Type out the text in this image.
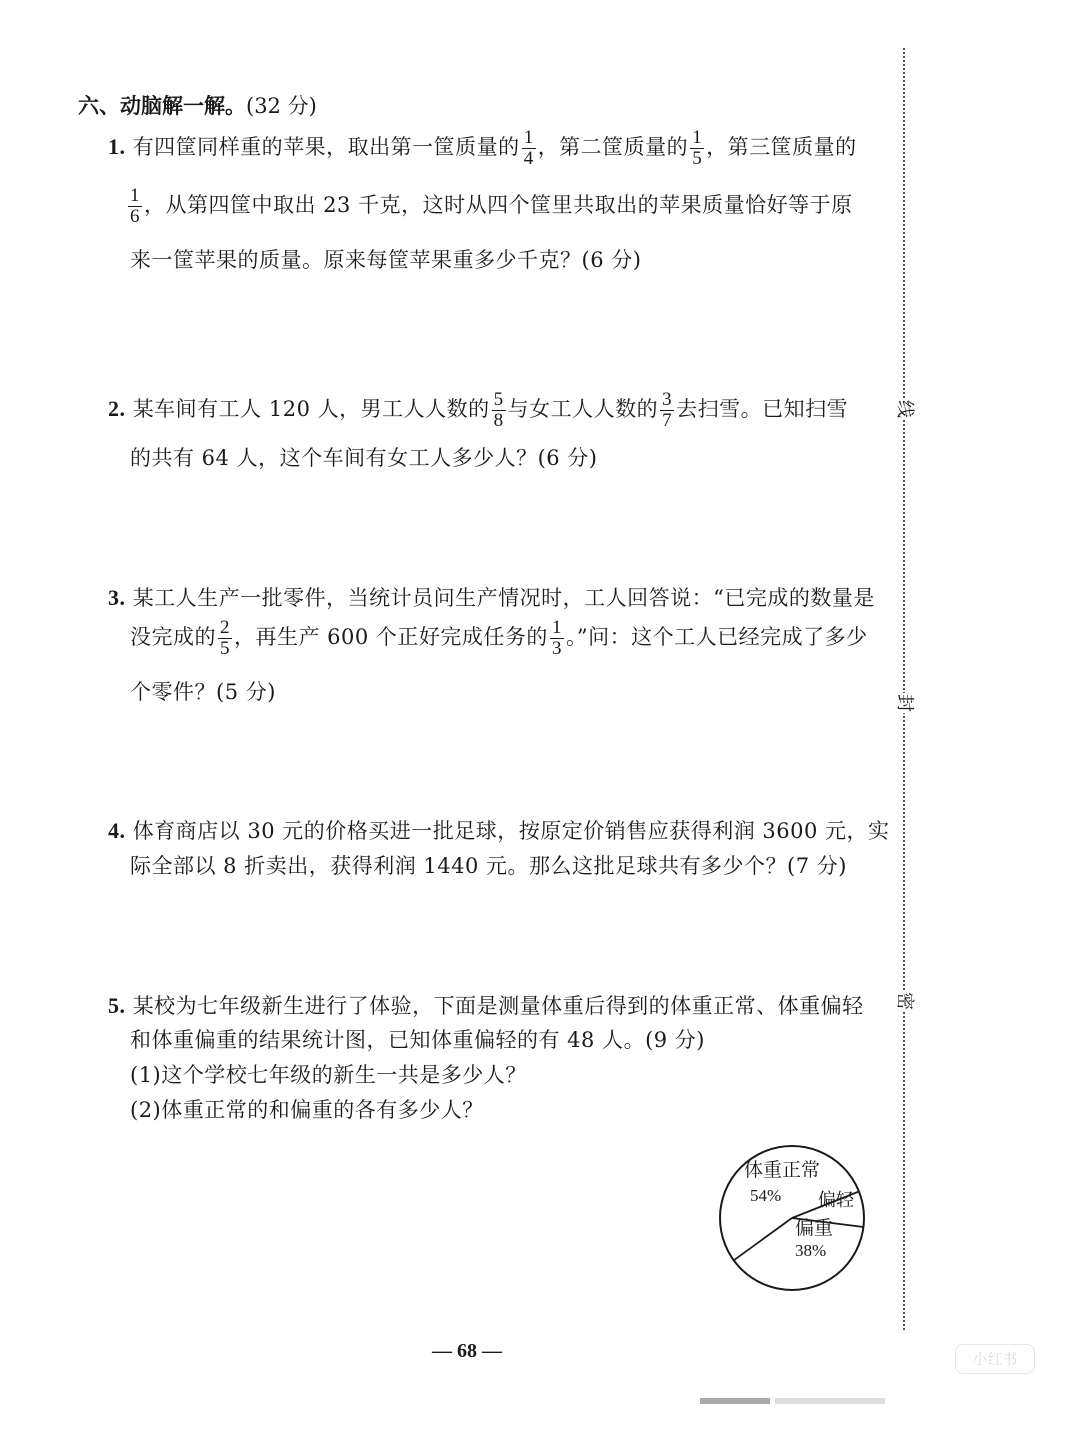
六、动脑解一解。(32 分)
1. 有四筐同样重的苹果，取出第一筐质量的 $\frac{1}{4}$ ，第二筐质量的 $\frac{1}{5}$ ，第三筐质量的
$\frac{1}{6}$ ，从第四筐中取出 23 千克，这时从四个筐里共取出的苹果质量恰好等于原
来一筐苹果的质量。原来每筐苹果重多少千克？(6 分)
2. 某车间有工人 120 人，男工人人数的 $\frac{5}{8}$ 与女工人人数的 $\frac{3}{7}$ 去扫雪。已知扫雪
的共有 64 人，这个车间有女工人多少人？(6 分)
3. 某工人生产一批零件，当统计员问生产情况时，工人回答说：“已完成的数量是
没完成的 $\frac{2}{5}$ ，再生产 600 个正好完成任务的 $\frac{1}{3}$ 。”问：这个工人已经完成了多少
个零件？(5 分)
4. 体育商店以 30 元的价格买进一批足球，按原定价销售应获得利润 3600 元，实
际全部以 8 折卖出，获得利润 1440 元。那么这批足球共有多少个？(7 分)
5. 某校为七年级新生进行了体验，下面是测量体重后得到的体重正常、体重偏轻
和体重偏重的结果统计图，已知体重偏轻的有 48 人。(9 分)
(1)这个学校七年级的新生一共是多少人？
(2)体重正常的和偏重的各有多少人？
体重正常
54% 偏轻
偏重
38%
线
封
密
— 68 —	小红书
